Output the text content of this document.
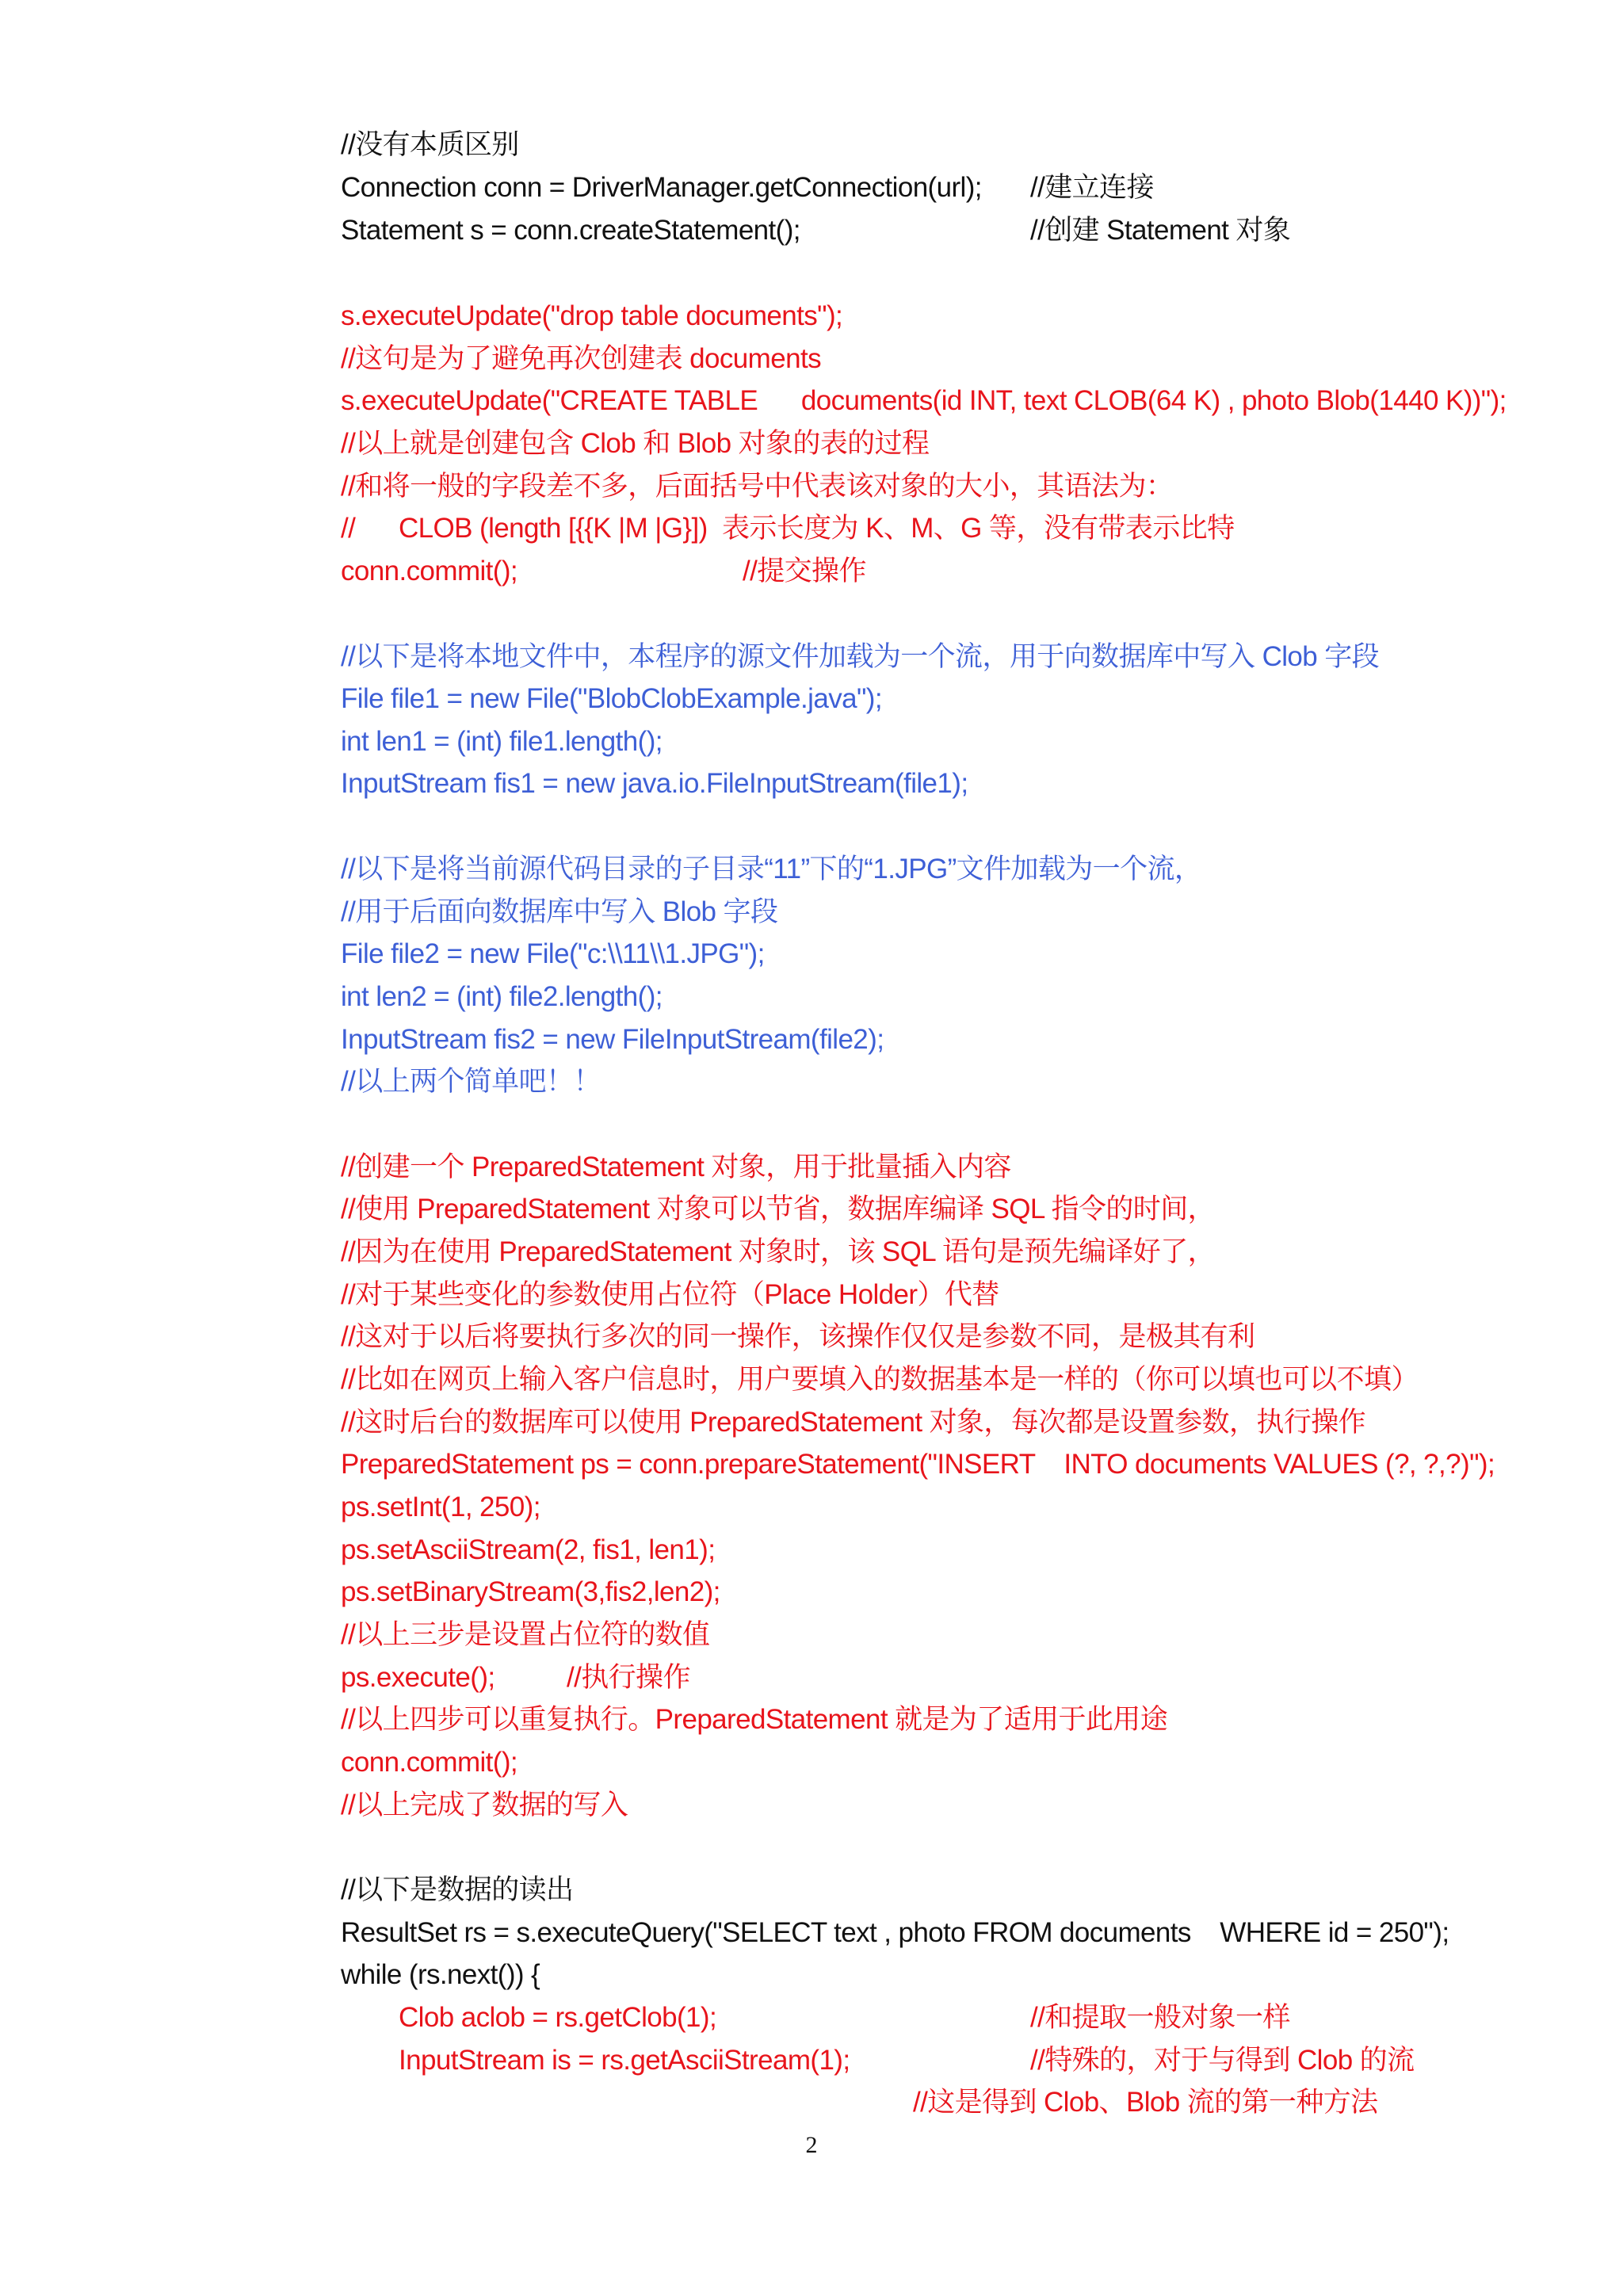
//没有本质区别
Connection conn = DriverManager.getConnection(url); //建立连接
Statement s = conn.createStatement();	//创建 Statement 对象
s.executeUpdate("drop table documents");
//这句是为了避免再次创建表 documents
s.executeUpdate("CREATE TABLE      documents(id INT, text CLOB(64 K) , photo Blob(1440 K))");
//以上就是创建包含 Clob 和 Blob 对象的表的过程
//和将一般的字段差不多，后面括号中代表该对象的大小，其语法为：
//      CLOB (length [{{K |M |G}])  表示长度为 K、M、G 等，没有带表示比特
conn.commit();	//提交操作
//以下是将本地文件中，本程序的源文件加载为一个流，用于向数据库中写入 Clob 字段
File file1 = new File("BlobClobExample.java");
int len1 = (int) file1.length();
InputStream fis1 = new java.io.FileInputStream(file1);
//以下是将当前源代码目录的子目录“11”下的“1.JPG”文件加载为一个流，
//用于后面向数据库中写入 Blob 字段
File file2 = new File("c:\\11\\1.JPG");
int len2 = (int) file2.length();
InputStream fis2 = new FileInputStream(file2);
//以上两个简单吧！！
//创建一个 PreparedStatement 对象，用于批量插入内容
//使用 PreparedStatement 对象可以节省，数据库编译 SQL 指令的时间，
//因为在使用 PreparedStatement 对象时，该 SQL 语句是预先编译好了，
//对于某些变化的参数使用占位符（Place Holder）代替
//这对于以后将要执行多次的同一操作，该操作仅仅是参数不同，是极其有利
//比如在网页上输入客户信息时，用户要填入的数据基本是一样的（你可以填也可以不填）
//这时后台的数据库可以使用 PreparedStatement 对象，每次都是设置参数，执行操作
PreparedStatement ps = conn.prepareStatement("INSERT    INTO documents VALUES (?, ?,?)");
ps.setInt(1, 250);
ps.setAsciiStream(2, fis1, len1);
ps.setBinaryStream(3,fis2,len2);
//以上三步是设置占位符的数值
ps.execute();	//执行操作
//以上四步可以重复执行。PreparedStatement 就是为了适用于此用途
conn.commit();
//以上完成了数据的写入
//以下是数据的读出
ResultSet rs = s.executeQuery("SELECT text , photo FROM documents    WHERE id = 250");
while (rs.next()) {
Clob aclob = rs.getClob(1);	//和提取一般对象一样
InputStream is = rs.getAsciiStream(1);	//特殊的，对于与得到 Clob 的流
//这是得到 Clob、Blob 流的第一种方法
2
